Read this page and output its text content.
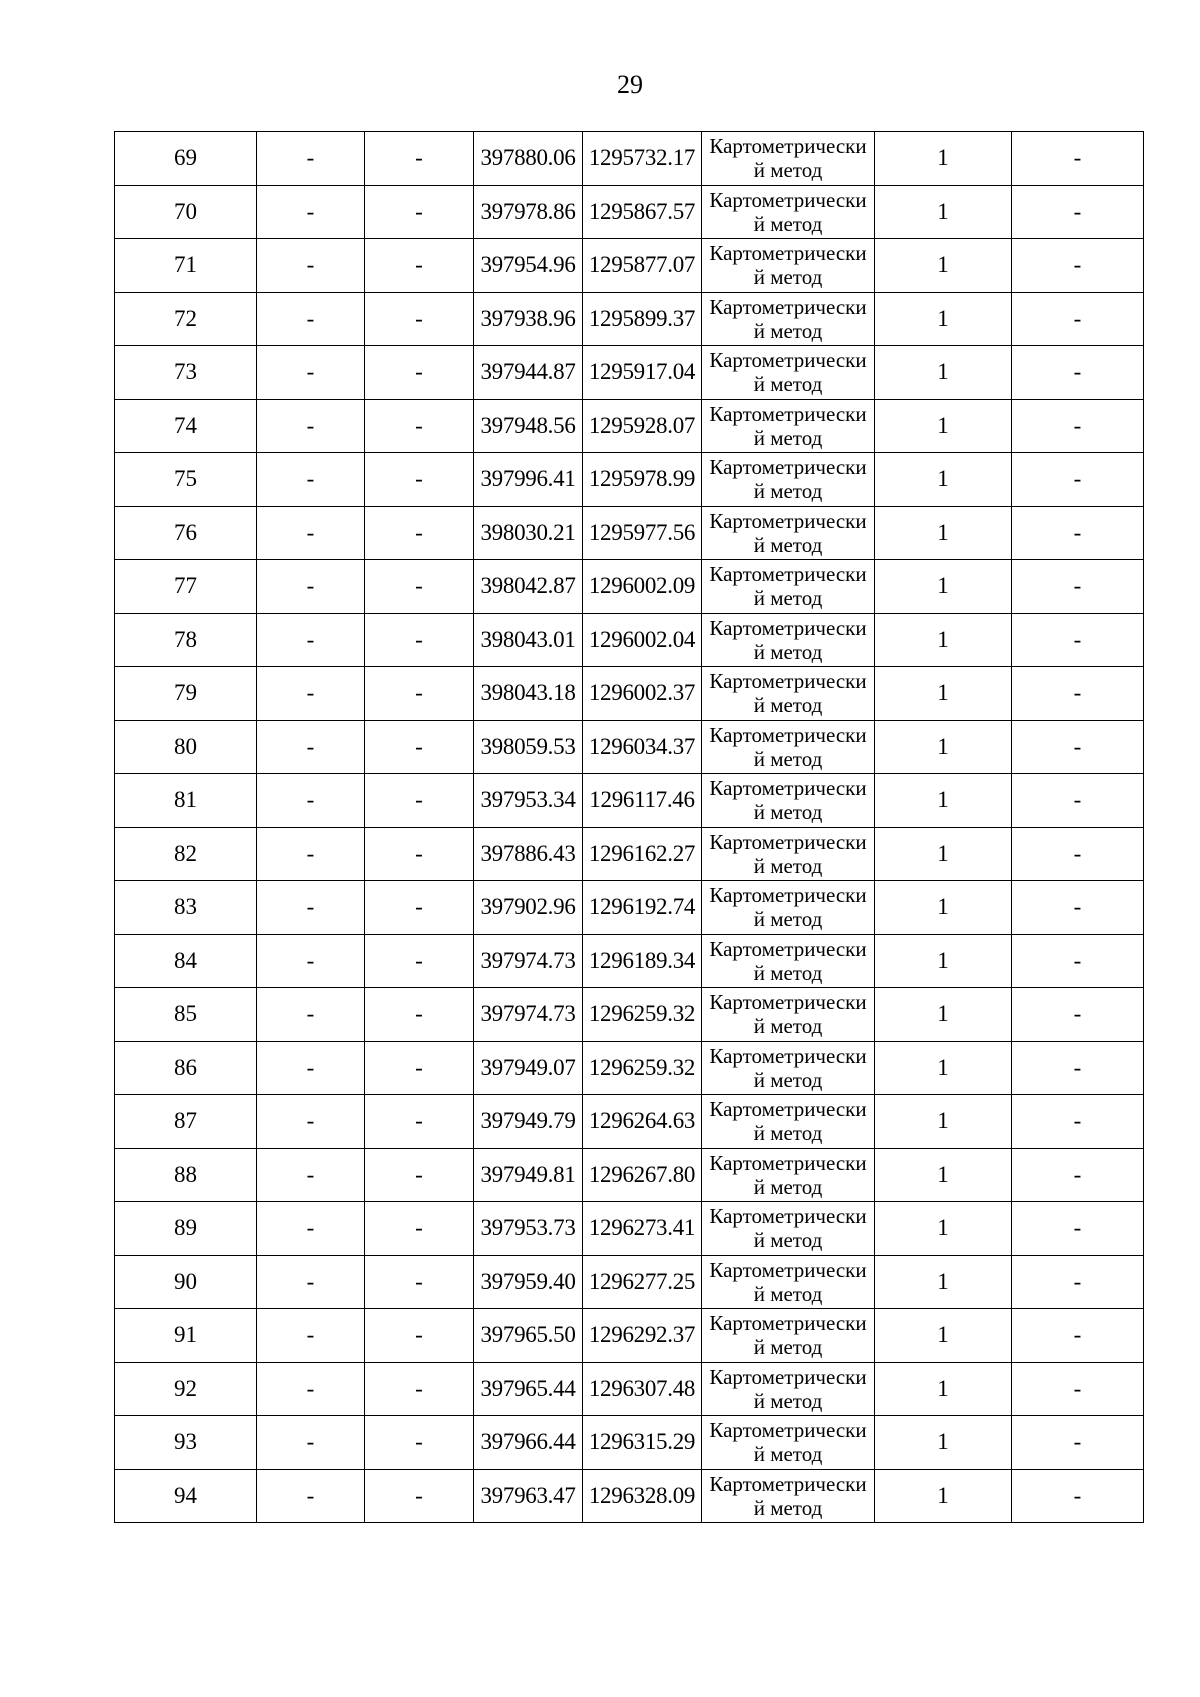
29
69	-	-	397880.06	1295732.17	Картометрический метод	1	-
70	-	-	397978.86	1295867.57	Картометрический метод	1	-
71	-	-	397954.96	1295877.07	Картометрический метод	1	-
72	-	-	397938.96	1295899.37	Картометрический метод	1	-
73	-	-	397944.87	1295917.04	Картометрический метод	1	-
74	-	-	397948.56	1295928.07	Картометрический метод	1	-
75	-	-	397996.41	1295978.99	Картометрический метод	1	-
76	-	-	398030.21	1295977.56	Картометрический метод	1	-
77	-	-	398042.87	1296002.09	Картометрический метод	1	-
78	-	-	398043.01	1296002.04	Картометрический метод	1	-
79	-	-	398043.18	1296002.37	Картометрический метод	1	-
80	-	-	398059.53	1296034.37	Картометрический метод	1	-
81	-	-	397953.34	1296117.46	Картометрический метод	1	-
82	-	-	397886.43	1296162.27	Картометрический метод	1	-
83	-	-	397902.96	1296192.74	Картометрический метод	1	-
84	-	-	397974.73	1296189.34	Картометрический метод	1	-
85	-	-	397974.73	1296259.32	Картометрический метод	1	-
86	-	-	397949.07	1296259.32	Картометрический метод	1	-
87	-	-	397949.79	1296264.63	Картометрический метод	1	-
88	-	-	397949.81	1296267.80	Картометрический метод	1	-
89	-	-	397953.73	1296273.41	Картометрический метод	1	-
90	-	-	397959.40	1296277.25	Картометрический метод	1	-
91	-	-	397965.50	1296292.37	Картометрический метод	1	-
92	-	-	397965.44	1296307.48	Картометрический метод	1	-
93	-	-	397966.44	1296315.29	Картометрический метод	1	-
94	-	-	397963.47	1296328.09	Картометрический метод	1	-
